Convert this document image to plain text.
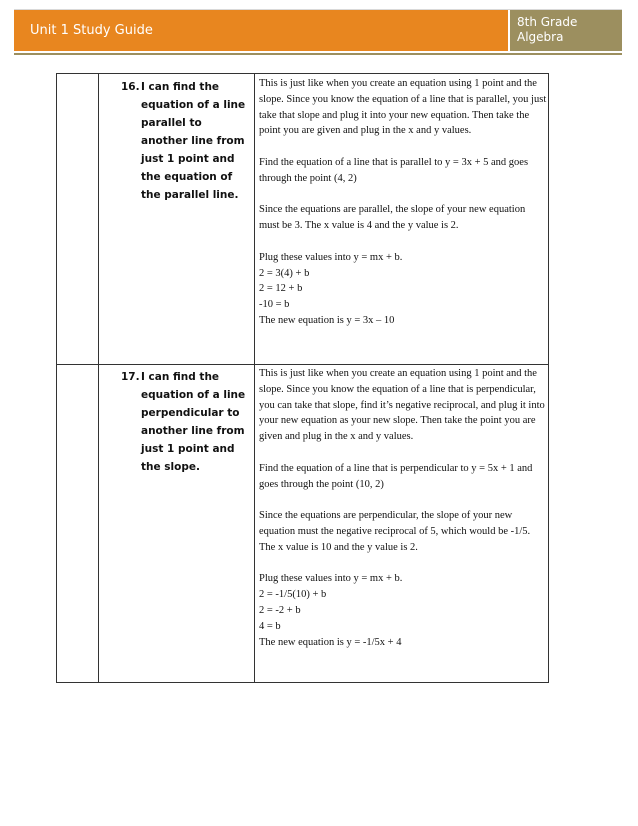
Unit 1 Study Guide
8th Grade
Algebra
16. I can find the equation of a line parallel to another line from just 1 point and the equation of the parallel line.

This is just like when you create an equation using 1 point and the slope. Since you know the equation of a line that is parallel, you just take that slope and plug it into your new equation. Then take the point you are given and plug in the x and y values.

Find the equation of a line that is parallel to y = 3x + 5 and goes through the point (4, 2)

Since the equations are parallel, the slope of your new equation must be 3. The x value is 4 and the y value is 2.

Plug these values into y = mx + b.
2 = 3(4) + b
2 = 12 + b
-10 = b
The new equation is y = 3x – 10

17. I can find the equation of a line perpendicular to another line from just 1 point and the slope.

This is just like when you create an equation using 1 point and the slope. Since you know the equation of a line that is perpendicular, you can take that slope, find it’s negative reciprocal, and plug it into your new equation as your new slope. Then take the point you are given and plug in the x and y values.

Find the equation of a line that is perpendicular to y = 5x + 1 and goes through the point (10, 2)

Since the equations are perpendicular, the slope of your new equation must the negative reciprocal of 5, which would be -1/5. The x value is 10 and the y value is 2.

Plug these values into y = mx + b.
2 = -1/5(10) + b
2 = -2 + b
4 = b
The new equation is y = -1/5x + 4
